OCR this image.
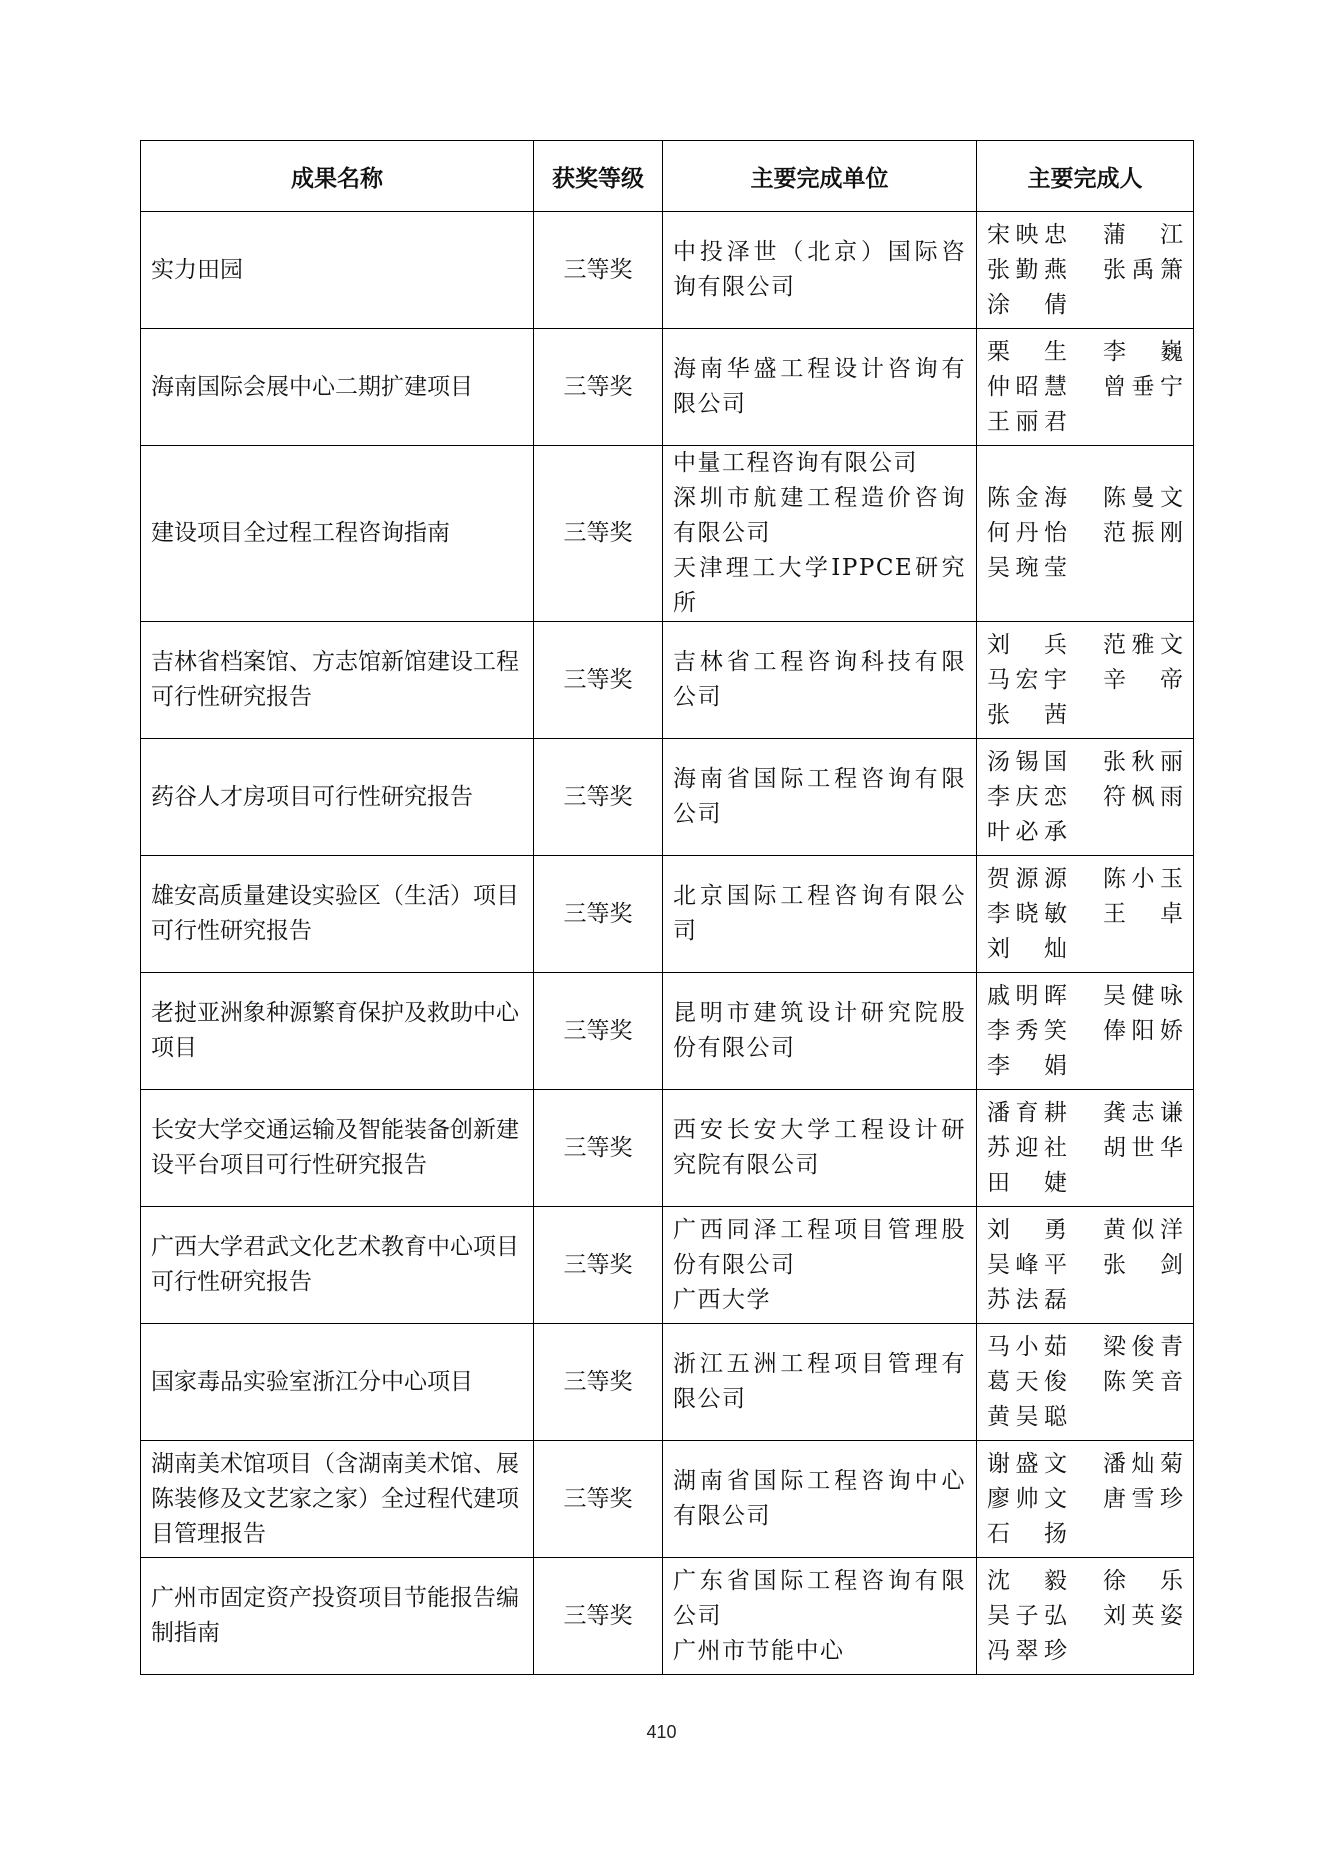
成果名称	获奖等级	主要完成单位	主要完成人
实力田园	三等奖	中投泽世（北京）国际咨询有限公司	宋映忠 蒲　江
张勤燕 张禹箫
涂　倩

海南国际会展中心二期扩建项目	三等奖	海南华盛工程设计咨询有限公司	栗　生 李　巍
仲昭慧 曾垂宁
王丽君

建设项目全过程工程咨询指南	三等奖	中量工程咨询有限公司
深圳市航建工程造价咨询有限公司
天津理工大学IPPCE研究所	陈金海 陈曼文
何丹怡 范振刚
吴琬莹

吉林省档案馆、方志馆新馆建设工程可行性研究报告	三等奖	吉林省工程咨询科技有限公司	刘　兵 范雅文
马宏宇 辛　帝
张　茜

药谷人才房项目可行性研究报告	三等奖	海南省国际工程咨询有限公司	汤锡国 张秋丽
李庆恋 符枫雨
叶必承

雄安高质量建设实验区（生活）项目可行性研究报告	三等奖	北京国际工程咨询有限公司	贺源源 陈小玉
李晓敏 王　卓
刘　灿

老挝亚洲象种源繁育保护及救助中心项目	三等奖	昆明市建筑设计研究院股份有限公司	戚明晖 吴健咏
李秀笑 俸阳娇
李　娟

长安大学交通运输及智能装备创新建设平台项目可行性研究报告	三等奖	西安长安大学工程设计研究院有限公司	潘育耕 龚志谦
苏迎社 胡世华
田　婕

广西大学君武文化艺术教育中心项目可行性研究报告	三等奖	广西同泽工程项目管理股份有限公司
广西大学	刘　勇 黄似洋
吴峰平 张　剑
苏法磊

国家毒品实验室浙江分中心项目	三等奖	浙江五洲工程项目管理有限公司	马小茹 梁俊青
葛天俊 陈笑音
黄吴聪

湖南美术馆项目（含湖南美术馆、展陈装修及文艺家之家）全过程代建项目管理报告	三等奖	湖南省国际工程咨询中心有限公司	谢盛文 潘灿菊
廖帅文 唐雪珍
石　扬

广州市固定资产投资项目节能报告编制指南	三等奖	广东省国际工程咨询有限公司
广州市节能中心	沈　毅 徐　乐
吴子弘 刘英姿
冯翠珍
410
